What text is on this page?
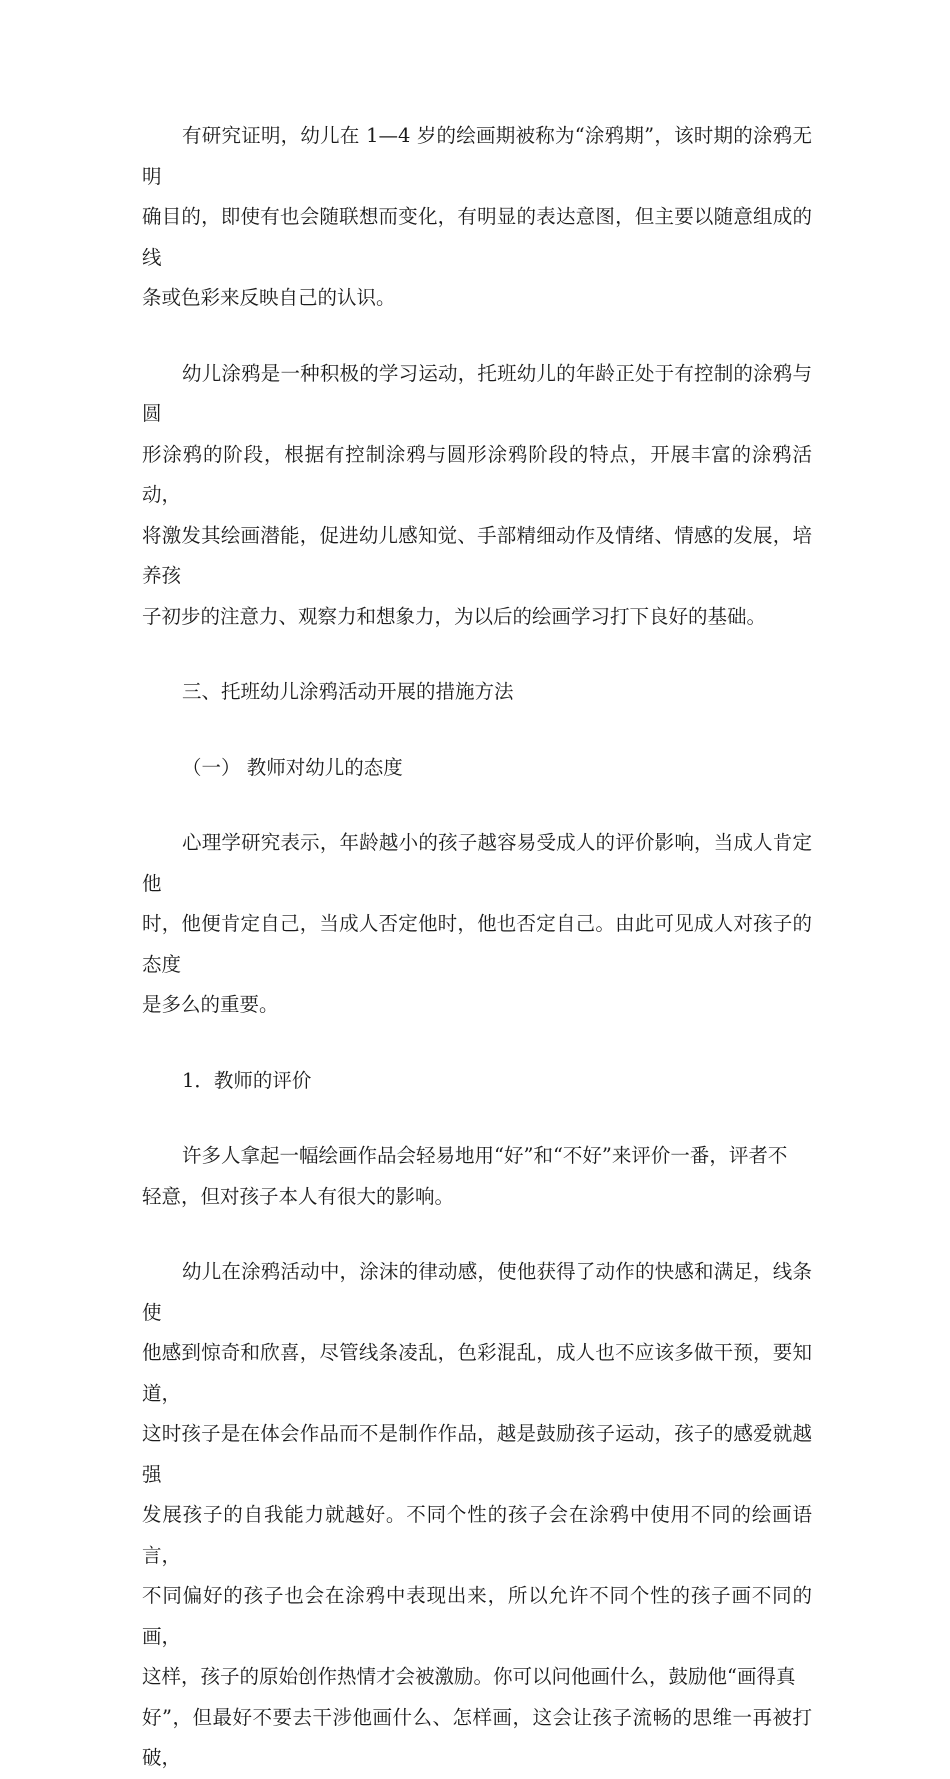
有研究证明，幼儿在 1—4 岁的绘画期被称为“涂鸦期”，该时期的涂鸦无明
确目的，即使有也会随联想而变化，有明显的表达意图，但主要以随意组成的线
条或色彩来反映自己的认识。
幼儿涂鸦是一种积极的学习运动，托班幼儿的年龄正处于有控制的涂鸦与圆
形涂鸦的阶段，根据有控制涂鸦与圆形涂鸦阶段的特点，开展丰富的涂鸦活动，
将激发其绘画潜能，促进幼儿感知觉、手部精细动作及情绪、情感的发展，培养孩
子初步的注意力、观察力和想象力，为以后的绘画学习打下良好的基础。
三、托班幼儿涂鸦活动开展的措施方法
（一） 教师对幼儿的态度
心理学研究表示，年龄越小的孩子越容易受成人的评价影响，当成人肯定他
时，他便肯定自己，当成人否定他时，他也否定自己。由此可见成人对孩子的态度
是多么的重要。
1．教师的评价
许多人拿起一幅绘画作品会轻易地用“好”和“不好”来评价一番，评者不
轻意，但对孩子本人有很大的影响。
幼儿在涂鸦活动中，涂沫的律动感，使他获得了动作的快感和满足，线条使
他感到惊奇和欣喜，尽管线条凌乱，色彩混乱，成人也不应该多做干预，要知道，
这时孩子是在体会作品而不是制作作品，越是鼓励孩子运动，孩子的感爱就越强
发展孩子的自我能力就越好。不同个性的孩子会在涂鸦中使用不同的绘画语言，
不同偏好的孩子也会在涂鸦中表现出来，所以允许不同个性的孩子画不同的画，
这样，孩子的原始创作热情才会被激励。你可以问他画什么，鼓励他“画得真
好”，但最好不要去干涉他画什么、怎样画，这会让孩子流畅的思维一再被打破，
